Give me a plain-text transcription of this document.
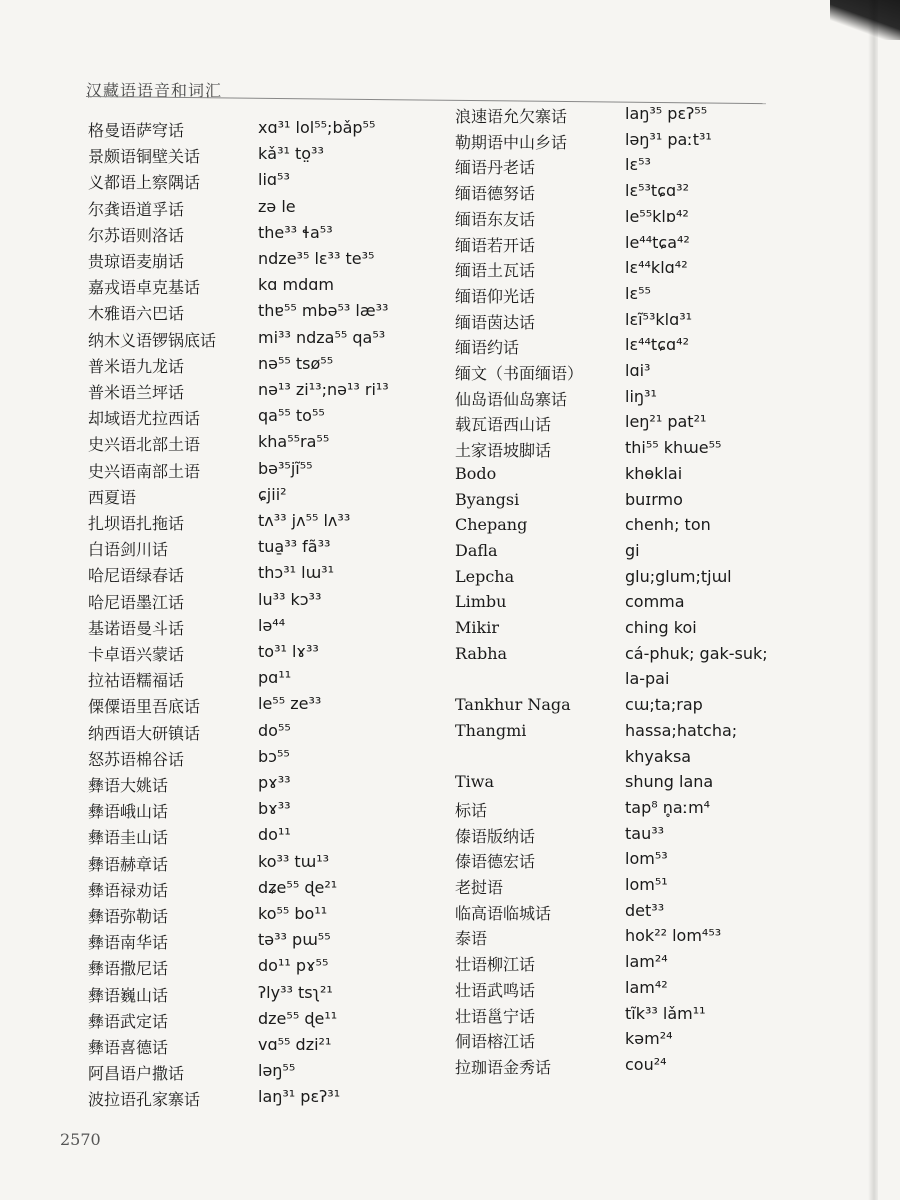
汉藏语语音和词汇
格曼语萨穹话	xɑ³¹ lol⁵⁵;bǎp⁵⁵
景颇语铜壁关话	kǎ³¹ to̤³³
义都语上察隅话	liɑ⁵³
尔龚语道孚话	zə le
尔苏语则洛话	the³³ ɬa⁵³
贵琼语麦崩话	ndze³⁵ lɛ³³ te³⁵
嘉戎语卓克基话	kɑ mdɑm
木雅语六巴话	thɐ⁵⁵ mbə⁵³ læ³³
纳木义语锣锅底话	mi³³ ndza⁵⁵ qa⁵³
普米语九龙话	nə⁵⁵ tsø⁵⁵
普米语兰坪话	nə¹³ zi¹³;nə¹³ ri¹³
却域语尤拉西话	qa⁵⁵ to⁵⁵
史兴语北部土语	kha⁵⁵ra⁵⁵
史兴语南部土语	bə³⁵jĩ⁵⁵
西夏语	ɕjii²
扎坝语扎拖话	tʌ³³ jʌ⁵⁵ lʌ³³
白语剑川话	tua̱³³ fã³³
哈尼语绿春话	thɔ³¹ lɯ³¹
哈尼语墨江话	lu³³ kɔ³³
基诺语曼斗话	lə⁴⁴
卡卓语兴蒙话	to³¹ lɤ³³
拉祜语糯福话	pɑ¹¹
傈僳语里吾底话	le⁵⁵ ze³³
纳西语大研镇话	do⁵⁵
怒苏语棉谷话	bɔ⁵⁵
彝语大姚话	pɤ³³
彝语峨山话	bɤ³³
彝语圭山话	do¹¹
彝语赫章话	ko³³ tɯ¹³
彝语禄劝话	dʑe⁵⁵ ɖe²¹
彝语弥勒话	ko⁵⁵ bo¹¹
彝语南华话	tə³³ pɯ⁵⁵
彝语撒尼话	do¹¹ pɤ⁵⁵
彝语巍山话	ʔly³³ tsʅ²¹
彝语武定话	dze⁵⁵ ɖe¹¹
彝语喜德话	vɑ⁵⁵ dzi²¹
阿昌语户撒话	lǝŋ⁵⁵
波拉语孔家寨话	laŋ³¹ pɛʔ³¹
浪速语允欠寨话	laŋ³⁵ pɛʔ⁵⁵
勒期语中山乡话	lǝŋ³¹ paːt³¹
缅语丹老话	lɛ⁵³
缅语德努话	lɛ⁵³tɕɑ³²
缅语东友话	le⁵⁵klɒ⁴²
缅语若开话	le⁴⁴tɕa⁴²
缅语土瓦话	lɛ⁴⁴klɑ⁴²
缅语仰光话	lɛ⁵⁵
缅语茵达话	lɛĩ⁵³klɑ³¹
缅语约话	lɛ⁴⁴tɕɑ⁴²
缅文（书面缅语）	lɑi³
仙岛语仙岛寨话	liŋ³¹
载瓦语西山话	leŋ²¹ pat²¹
土家语坡脚话	thi⁵⁵ khɯe⁵⁵
Bodo	khɵklai
Byangsi	buɪrmo
Chepang	chenh; ton
Dafla	gi
Lepcha	glu;glum;tjɯl
Limbu	comma
Mikir	ching koi
Rabha	cá-phuk; gak-suk;
la-pai
Tankhur Naga	cɯ;ta;rap
Thangmi	hassa;hatcha;
khyaksa
Tiwa	shung lana
标话	tap⁸ n̥aːm⁴
傣语版纳话	tau³³
傣语德宏话	lom⁵³
老挝语	lom⁵¹
临高语临城话	det³³
泰语	hok²² lom⁴⁵³
壮语柳江话	lam²⁴
壮语武鸣话	lam⁴²
壮语邕宁话	tĩk³³ lǎm¹¹
侗语榕江话	kəm²⁴
拉珈语金秀话	cou²⁴
2570
